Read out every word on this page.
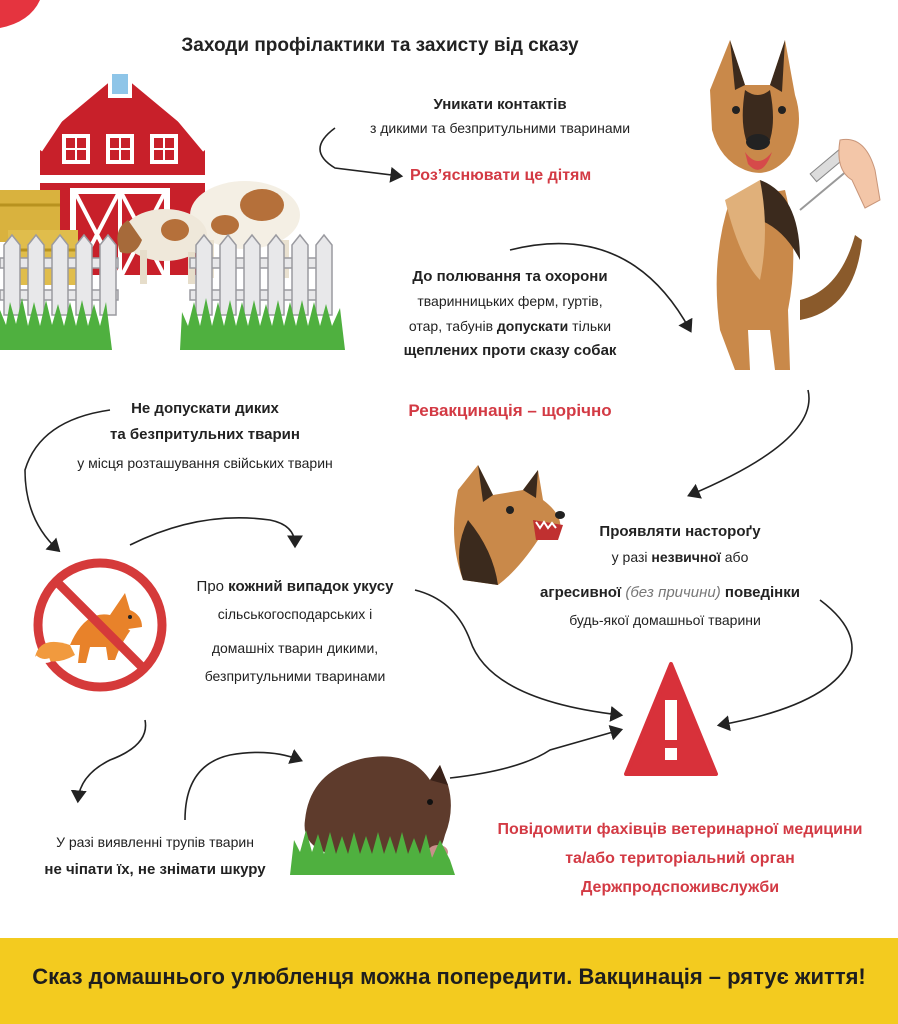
Заходи профілактики та захисту від сказу
Уникати контактів
з дикими та безпритульними тваринами
Роз’яснювати це дітям
До полювання та охорони
тваринницьких ферм, гуртів,
отар, табунів допускати тільки
щеплених проти сказу собак
Ревакцинація – щорічно
Не допускати диких
та безпритульних тварин
у місця розташування свійських тварин
Проявляти настороґу
у разі незвичної або
агресивної (без причини) поведінки
будь-якої домашньої тварини
Про кожний випадок укусу
сільськогосподарських і
домашніх тварин дикими,
безпритульними тваринами
У разі виявленні трупів тварин
не чіпати їх, не знімати шкуру
Повідомити фахівців ветеринарної медицини
та/або територіальний орган
Держпродспоживслужби
Сказ домашнього улюбленця можна попередити. Вакцинація – рятує життя!
